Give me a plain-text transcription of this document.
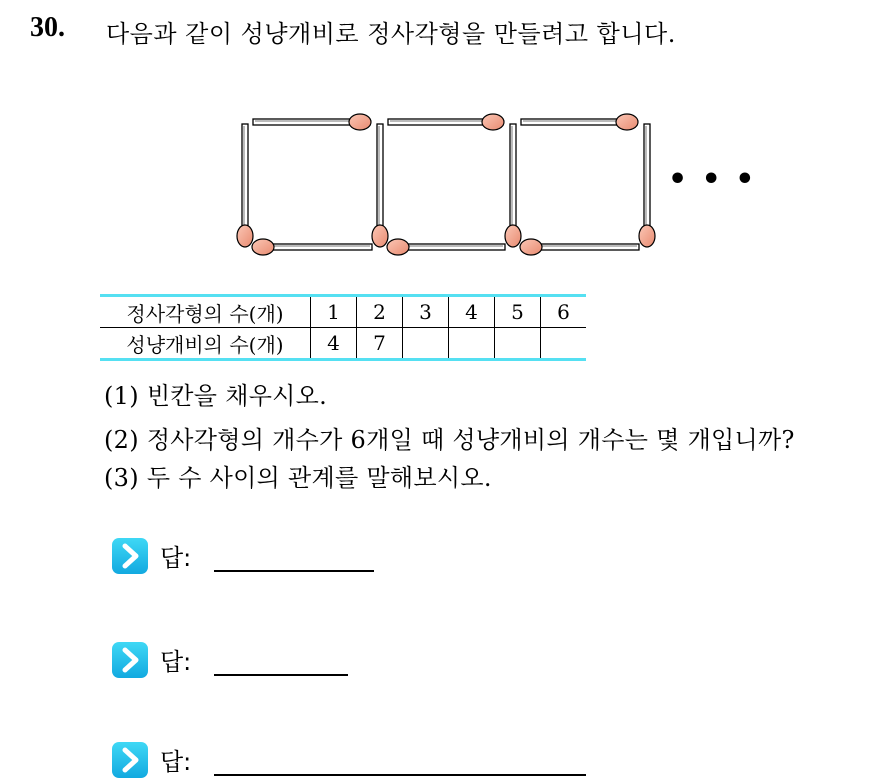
30. 다음과 같이 성냥개비로 정사각형을 만들려고 합니다.
• • •
정사각형의 수(개)	1	2	3	4	5	6
성냥개비의 수(개)	4	7				
(1) 빈칸을 채우시오.
(2) 정사각형의 개수가 6개일 때 성냥개비의 개수는 몇 개입니까?
(3) 두 수 사이의 관계를 말해보시오.
답:
답:
답:
